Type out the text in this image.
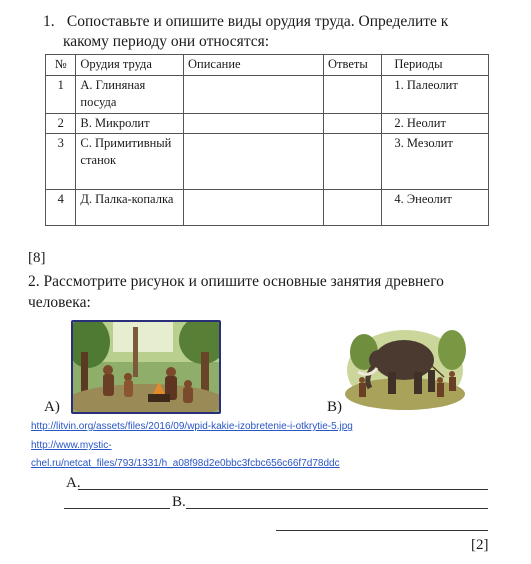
1. Сопоставьте и опишите виды орудия труда. Определите к
какому периоду они относятся:
№	Орудия труда	Описание	Ответы	Периоды
1	А. Глиняная посуда			1. Палеолит
2	В. Микролит			2. Неолит
3	С. Примитивный станок			3. Мезолит
4	Д. Палка-копалка			4. Энеолит
[8]
2. Рассмотрите рисунок и опишите основные занятия древнего
человека:
А)	В)
http://litvin.org/assets/files/2016/09/wpid-kakie-izobretenie-i-otkrytie-5.jpg
http://www.mystic-
chel.ru/netcat_files/793/1331/h_a08f98d2e0bbc3fcbc656c66f7d78ddc
А.
В.
[2]
